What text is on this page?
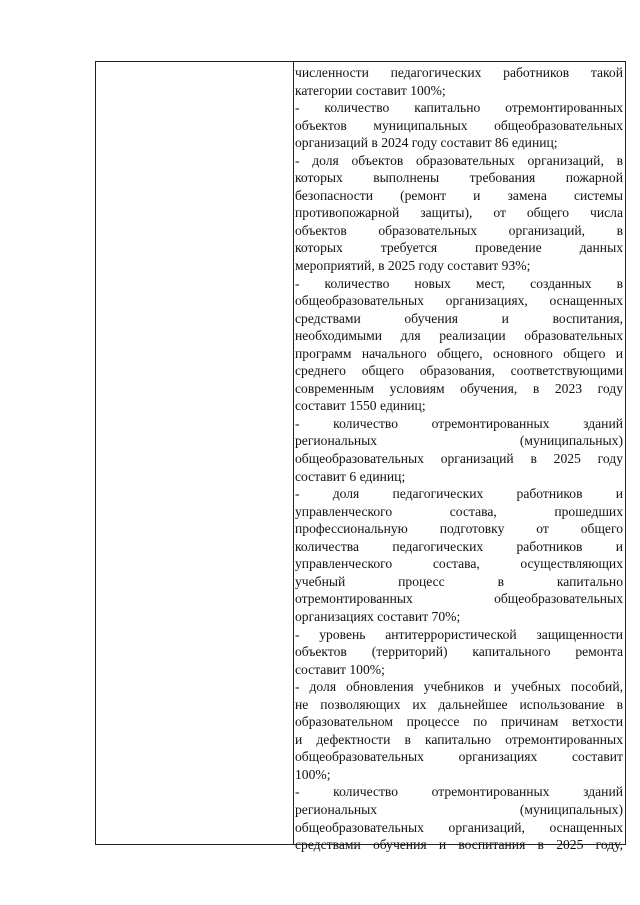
численности педагогических работников такой
категории составит 100%;
- количество капитально отремонтированных
объектов муниципальных общеобразовательных
организаций в 2024 году составит 86 единиц;
- доля объектов образовательных организаций, в
которых выполнены требования пожарной
безопасности (ремонт и замена системы
противопожарной защиты), от общего числа
объектов образовательных организаций, в
которых требуется проведение данных
мероприятий, в 2025 году составит 93%;
- количество новых мест, созданных в
общеобразовательных организациях, оснащенных
средствами обучения и воспитания,
необходимыми для реализации образовательных
программ начального общего, основного общего и
среднего общего образования, соответствующими
современным условиям обучения, в 2023 году
составит 1550 единиц;
- количество отремонтированных зданий
региональных (муниципальных)
общеобразовательных организаций в 2025 году
составит 6 единиц;
- доля педагогических работников и
управленческого состава, прошедших
профессиональную подготовку от общего
количества педагогических работников и
управленческого состава, осуществляющих
учебный процесс в капитально
отремонтированных общеобразовательных
организациях составит 70%;
- уровень антитеррористической защищенности
объектов (территорий) капитального ремонта
составит 100%;
- доля обновления учебников и учебных пособий,
не позволяющих их дальнейшее использование в
образовательном процессе по причинам ветхости
и дефектности в капитально отремонтированных
общеобразовательных организациях составит
100%;
- количество отремонтированных зданий
региональных (муниципальных)
общеобразовательных организаций, оснащенных
средствами обучения и воспитания в 2025 году,
